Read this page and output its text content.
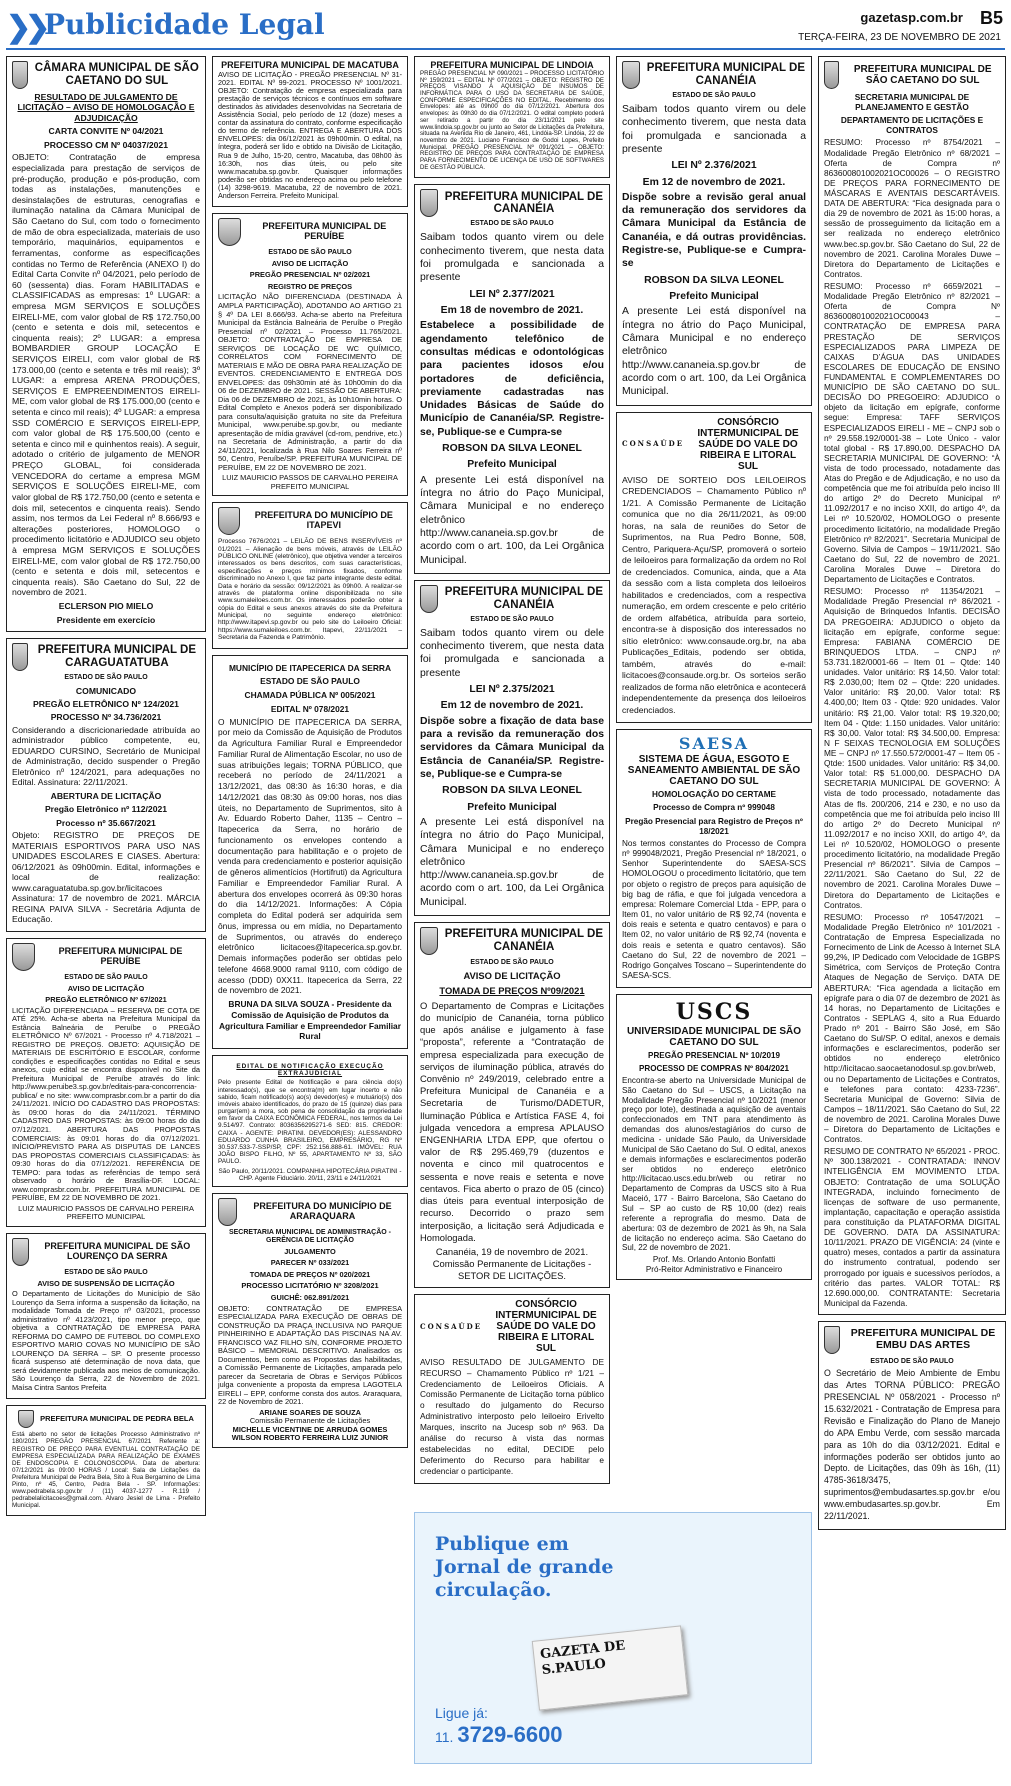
❯❯ Publicidade Legal	gazetasp.com.br B5
TERÇA-FEIRA, 23 DE NOVEMBRO DE 2021
CÂMARA MUNICIPAL DE SÃO CAETANO DO SUL
RESULTADO DE JULGAMENTO DE LICITAÇÃO – AVISO DE HOMOLOGAÇÃO E ADJUDICAÇÃO
CARTA CONVITE Nº 04/2021
PROCESSO CM Nº 04037/2021

OBJETO: Contratação de empresa especializada para prestação de serviços de pré-produção, produção e pós-produção, com todas as instalações, manutenções e desinstalações de estruturas, cenografias e iluminação natalina da Câmara Municipal de São Caetano do Sul, com todo o fornecimento de mão de obra especializada, materiais de uso temporário, maquinários, equipamentos e ferramentas, conforme as especificações contidas no Termo de Referência (ANEXO I) do Edital Carta Convite nº 04/2021, pelo período de 60 (sessenta) dias. Foram HABILITADAS e CLASSIFICADAS as empresas: 1º LUGAR: a empresa MGM SERVIÇOS E SOLUÇÕES EIRELI-ME, com valor global de R$ 172.750,00 (cento e setenta e dois mil, setecentos e cinquenta reais); 2º LUGAR: a empresa BOMBARDIER GROUP LOCAÇÃO E SERVIÇOS EIRELI, com valor global de R$ 173.000,00 (cento e setenta e três mil reais); 3º LUGAR: a empresa ARENA PRODUÇÕES, SERVIÇOS E EMPREENDIMENTOS EIRELI-ME, com valor global de R$ 175.000,00 (cento e setenta e cinco mil reais); 4º LUGAR: a empresa SSD COMÉRCIO E SERVIÇOS EIRELI-EPP, com valor global de R$ 175.500,00 (cento e setenta e cinco mil e quinhentos reais). A seguir, adotado o critério de julgamento de MENOR PREÇO GLOBAL, foi considerada VENCEDORA do certame a empresa MGM SERVIÇOS E SOLUÇÕES EIRELI-ME, com valor global de R$ 172.750,00 (cento e setenta e dois mil, setecentos e cinquenta reais). Sendo assim, nos termos da Lei Federal nº 8.666/93 e alterações posteriores, HOMOLOGO o procedimento licitatório e ADJUDICO seu objeto à empresa MGM SERVIÇOS E SOLUÇÕES EIRELI-ME, com valor global de R$ 172.750,00 (cento e setenta e dois mil, setecentos e cinquenta reais). São Caetano do Sul, 22 de novembro de 2021.

ECLERSON PIO MIELO
Presidente em exercício
PREFEITURA MUNICIPAL DE CARAGUATATUBA
ESTADO DE SÃO PAULO
COMUNICADO
PREGÃO ELETRÔNICO Nº 124/2021
PROCESSO Nº 34.736/2021

Considerando a discricionariedade atribuída ao administrador público competente, eu, EDUARDO CURSINO, Secretário de Municipal de Administração, decido suspender o Pregão Eletrônico nº 124/2021, para adequações no Edital. Assinatura: 22/11/2021.

ABERTURA DE LICITAÇÃO
Pregão Eletrônico nº 112/2021
Processo nº 35.667/2021

Objeto: REGISTRO DE PREÇOS DE MATERIAIS ESPORTIVOS PARA USO NAS UNIDADES ESCOLARES E CIASES. Abertura: 06/12/2021 às 09h00min. Edital, informações e local de realização: www.caraguatatuba.sp.gov.br/licitacoes Assinatura: 17 de novembro de 2021. MÁRCIA REGINA PAIVA SILVA - Secretária Adjunta de Educação.

PREFEITURA MUNICIPAL DE PERUÍBE
ESTADO DE SÃO PAULO
AVISO DE LICITAÇÃO
PREGÃO ELETRÔNICO Nº 67/2021

LICITAÇÃO DIFERENCIADA – RESERVA DE COTA DE ATÉ 25%. Acha-se aberta na Prefeitura Municipal da Estância Balneária de Peruíbe o PREGÃO ELETRÔNICO Nº 67/2021 - Processo nº 4.718/2021 – REGISTRO DE PREÇOS. OBJETO: AQUISIÇÃO DE MATERIAIS DE ESCRITÓRIO E ESCOLAR, conforme condições e especificações contidas no Edital e seus anexos, cujo edital se encontra disponível no Site da Prefeitura Municipal de Peruíbe através do link: http://www.peruibe3.sp.gov.br/editais-para-concorrencia-publica/ e no site: www.comprasbr.com.br a partir do dia 24/11/2021. INÍCIO DO CADASTRO DAS PROPOSTAS: às 09:00 horas do dia 24/11/2021. TÉRMINO CADASTRO DAS PROPOSTAS: às 09:00 horas do dia 07/12/2021. ABERTURA DAS PROPOSTAS COMERCIAIS: às 09:01 horas do dia 07/12/2021. INÍCIO/PREVISTO PARA AS DISPUTAS DE LANCES DAS PROPOSTAS COMERCIAIS CLASSIFICADAS: às 09:30 horas do dia 07/12/2021. REFERÊNCIA DE TEMPO: para todas as referências de tempo será observado o horário de Brasília-DF. LOCAL: www.comprasbr.com.br. PREFEITURA MUNICIPAL DE PERUÍBE, EM 22 DE NOVEMBRO DE 2021.

LUIZ MAURICIO PASSOS DE CARVALHO PEREIRA
PREFEITO MUNICIPAL
PREFEITURA MUNICIPAL DE SÃO LOURENÇO DA SERRA
ESTADO DE SÃO PAULO
AVISO DE SUSPENSÃO DE LICITAÇÃO

O Departamento de Licitações do Município de São Lourenço da Serra informa a suspensão da licitação, na modalidade Tomada de Preço nº 03/2021, processo administrativo nº 4123/2021, tipo menor preço, que objetiva a CONTRATAÇÃO DE EMPRESA PARA REFORMA DO CAMPO DE FUTEBOL DO COMPLEXO ESPORTIVO MARIO COVAS NO MUNICÍPIO DE SÃO LOURENÇO DA SERRA – SP. O presente processo ficará suspenso até determinação de nova data, que será devidamente publicada aos meios de comunicação. São Lourenço da Serra, 22 de Novembro de 2021. Maísa Cintra Santos Prefeita

PREFEITURA MUNICIPAL DE PEDRA BELA

Está aberto no setor de licitações Processo Administrativo nº 180/2021 PREGÃO PRESENCIAL 67/2021 Referente a: REGISTRO DE PREÇO PARA EVENTUAL CONTRATAÇÃO DE EMPRESA ESPECIALIZADA PARA REALIZAÇÃO DE EXAMES DE ENDOSCOPIA E COLONOSCOPIA. Data de abertura: 07/12/2021 às 09:00 HORAS / Local: Sala de Licitações da Prefeitura Municipal de Pedra Bela, Sito à Rua Bergamino de Lima Pinto, nº 45, Centro, Pedra Bela - SP. Informações: www.pedrabela.sp.gov.br / (11) 4037-1277 - R.119 / pedrabelalicitacoes@gmail.com. Alvaro Jesiel de Lima - Prefeito Municipal.

PREFEITURA MUNICIPAL DE MACATUBA

AVISO DE LICITAÇÃO - PREGÃO PRESENCIAL Nº 31-2021. EDITAL Nº 99-2021. PROCESSO Nº 1001/2021. OBJETO: Contratação de empresa especializada para prestação de serviços técnicos e contínuos em software destinados às atividades desenvolvidas na Secretaria de Assistência Social, pelo período de 12 (doze) meses a contar da assinatura do contrato, conforme especificação do termo de referência. ENTREGA E ABERTURA DOS ENVELOPES: dia 06/12/2021 às 09h00min. O edital, na íntegra, poderá ser lido e obtido na Divisão de Licitação, Rua 9 de Julho, 15-20, centro, Macatuba, das 08h00 às 16:30h, nos dias úteis, ou pelo site www.macatuba.sp.gov.br. Quaisquer informações poderão ser obtidas no endereço acima ou pelo telefone (14) 3298-9619. Macatuba, 22 de novembro de 2021. Anderson Ferreira. Prefeito Municipal.

PREFEITURA MUNICIPAL DE PERUÍBE
ESTADO DE SÃO PAULO
AVISO DE LICITAÇÃO
PREGÃO PRESENCIAL Nº 02/2021
REGISTRO DE PREÇOS

LICITAÇÃO NÃO DIFERENCIADA (DESTINADA À AMPLA PARTICIPAÇÃO), ADOTANDO AO ARTIGO 21 § 4º DA LEI 8.666/93. Acha-se aberto na Prefeitura Municipal da Estância Balneária de Peruíbe o Pregão Presencial nº 02/2021 – Processo 11.765/2021. OBJETO: CONTRATAÇÃO DE EMPRESA DE SERVIÇOS DE LOCAÇÃO DE WC QUÍMICO, CORRELATOS COM FORNECIMENTO DE MATERIAIS E MÃO DE OBRA PARA REALIZAÇÃO DE EVENTOS. CREDENCIAMENTO E ENTREGA DOS ENVELOPES: das 09h30min até às 10h00min do dia 06 de DEZEMBRO de 2021. SESSÃO DE ABERTURA: Dia 06 de DEZEMBRO de 2021, às 10h10min horas. O Edital Completo e Anexos poderá ser disponibilizado para consulta/aquisição gratuita no site da Prefeitura Municipal, www.peruibe.sp.gov.br, ou mediante apresentação de mídia gravável (cd-rom, pendrive, etc.) na Secretaria de Administração, a partir do dia 24/11/2021, localizada à Rua Nilo Soares Ferreira nº 50, Centro, Peruíbe/SP. PREFEITURA MUNICIPAL DE PERUÍBE, EM 22 DE NOVEMBRO DE 2021.

LUIZ MAURICIO PASSOS DE CARVALHO PEREIRA
PREFEITO MUNICIPAL
PREFEITURA DO MUNICÍPIO DE ITAPEVI

Processo 7676/2021 – LEILÃO DE BENS INSERVÍVEIS nº 01/2021 – Alienação de bens móveis, através de LEILÃO PÚBLICO ONLINE (eletrônico), que objetiva vender a terceiros interessados os bens descritos, com suas características, especificações e preços mínimos fixados, conforme discriminado no Anexo I, que faz parte integrante deste edital. Data e horário da sessão: 09/12/2021 às 09h00. A realizar-se através de plataforma online disponibilizada no site www.sumaleiloes.com.br. Os interessados poderão obter a cópia do Edital e seus anexos através do site da Prefeitura Municipal, no seguinte endereço eletrônico: http://www.itapevi.sp.gov.br ou pelo site do Leiloeiro Oficial: https://www.sumaleiloes.com.br. Itapevi, 22/11/2021 – Secretaria da Fazenda e Patrimônio.

MUNICÍPIO DE ITAPECERICA DA SERRA
ESTADO DE SÃO PAULO
CHAMADA PÚBLICA Nº 005/2021
EDITAL Nº 078/2021

O MUNICÍPIO DE ITAPECERICA DA SERRA, por meio da Comissão de Aquisição de Produtos da Agricultura Familiar Rural e Empreendedor Familiar Rural de Alimentação Escolar, no uso de suas atribuições legais; TORNA PÚBLICO, que receberá no período de 24/11/2021 a 13/12/2021, das 08:30 às 16:30 horas, e dia 14/12/2021 das 08:30 às 09:00 horas, nos dias úteis, no Departamento de Suprimentos, sito à Av. Eduardo Roberto Daher, 1135 – Centro – Itapecerica da Serra, no horário de funcionamento os envelopes contendo a documentação para habilitação e o projeto de venda para credenciamento e posterior aquisição de gêneros alimentícios (Hortifruti) da Agricultura Familiar e Empreendedor Familiar Rural. A abertura dos envelopes ocorrerá às 09:30 horas do dia 14/12/2021. Informações: A Cópia completa do Edital poderá ser adquirida sem ônus, impressa ou em mídia, no Departamento de Suprimentos, ou através do endereço eletrônico licitacoes@itapecerica.sp.gov.br. Demais informações poderão ser obtidas pelo telefone 4668.9000 ramal 9110, com código de acesso (DDD) 0XX11. Itapecerica da Serra, 22 de novembro de 2021.

BRUNA DA SILVA SOUZA - Presidente da Comissão de Aquisição de Produtos da Agricultura Familiar e Empreendedor Familiar Rural
EDITAL DE NOTIFICAÇÃO EXECUÇÃO EXTRAJUDICIAL

Pelo presente Edital de Notificação e para ciência do(s) interessado(s), que se encontra(m) em lugar incerto e não sabido, ficam notificado(s) ao(s) devedor(es) e mutuário(s) dos imóveis abaixo identificados, do prazo de 15 (quinze) dias para purgar(em) a mora, sob pena de consolidação da propriedade em favor da CAIXA ECONÔMICA FEDERAL, nos termos da Lei 9.514/97. Contrato: 8036356295271-6 SED: 815. CREDOR: CAIXA - AGENTE: PIRATINI. DEVEDOR(ES): ALESSANDRO EDUARDO CUNHA BRASILEIRO, EMPRESÁRIO, RG Nº 30.537.533-7-SSP/SP, CPF: 252.156.888-61. IMÓVEL: RUA JOÃO BISPO FILHO, Nº 55, APARTAMENTO Nº 33, SÃO PAULO.

São Paulo, 20/11/2021. COMPANHIA HIPOTECÁRIA PIRATINI - CHP. Agente Fiduciário. 20/11, 23/11 e 24/11/2021
PREFEITURA DO MUNICÍPIO DE ARARAQUARA
SECRETARIA MUNICIPAL DE ADMINISTRAÇÃO - GERÊNCIA DE LICITAÇÃO
JULGAMENTO
PARECER Nº 033/2021
TOMADA DE PREÇOS Nº 020/2021
PROCESSO LICITATÓRIO Nº 3208/2021
GUICHÊ: 062.891/2021

OBJETO: CONTRATAÇÃO DE EMPRESA ESPECIALIZADA PARA EXECUÇÃO DE OBRAS DE CONSTRUÇÃO DA PRAÇA INCLUSIVA NO PARQUE PINHEIRINHO E ADAPTAÇÃO DAS PISCINAS NA AV. FRANCISCO VAZ FILHO S/N, CONFORME PROJETO BÁSICO – MEMORIAL DESCRITIVO. Analisados os Documentos, bem como as Propostas das habilitadas, a Comissão Permanente de Licitações, amparada pelo parecer da Secretaria de Obras e Serviços Públicos julga conveniente a proposta da empresa LAGOTELA EIRELI – EPP, conforme consta dos autos. Araraquara, 22 de Novembro de 2021.

ARIANE SOARES DE SOUZA
Comissão Permanente de Licitações
MICHELLE VICENTINE DE ARRUDA GOMES
WILSON ROBERTO FERREIRA LUIZ JUNIOR
PREFEITURA MUNICIPAL DE LINDOIA

PREGÃO PRESENCIAL Nº 090/2021 – PROCESSO LICITATÓRIO Nº 159/2021 – EDITAL Nº 077/2021 – OBJETO: REGISTRO DE PREÇOS VISANDO À AQUISIÇÃO DE INSUMOS DE INFORMÁTICA PARA O USO DA SECRETARIA DE SAÚDE, CONFORME ESPECIFICAÇÕES NO EDITAL. Recebimento dos Envelopes: até as 09h00 do dia 07/12/2021. Abertura dos envelopes: às 09h30 do dia 07/12/2021. O edital completo poderá ser retirado a partir do dia 23/11/2021 pelo site www.lindoia.sp.gov.br ou junto ao Setor de Licitações da Prefeitura, situada na Avenida Rio de Janeiro, 461, Lindóia-SP. Lindóia, 22 de novembro de 2021. Luciano Francisco de Godoi Lopes, Prefeito Municipal. PREGÃO PRESENCIAL Nº 091/2021 – OBJETO: REGISTRO DE PREÇOS PARA CONTRATAÇÃO DE EMPRESA PARA FORNECIMENTO DE LICENÇA DE USO DE SOFTWARES DE GESTÃO PÚBLICA.

PREFEITURA MUNICIPAL DE CANANÉIA
ESTADO DE SÃO PAULO

Saibam todos quanto virem ou dele conhecimento tiverem, que nesta data foi promulgada e sancionada a presente

LEI Nº 2.377/2021
Em 18 de novembro de 2021.

Estabelece a possibilidade de agendamento telefônico de consultas médicas e odontológicas para pacientes idosos e/ou portadores de deficiência, previamente cadastradas nas Unidades Básicas de Saúde do Município de Cananéia/SP. Registre-se, Publique-se e Cumpra-se

ROBSON DA SILVA LEONEL
Prefeito Municipal

A presente Lei está disponível na íntegra no átrio do Paço Municipal, Câmara Municipal e no endereço eletrônico http://www.cananeia.sp.gov.br de acordo com o art. 100, da Lei Orgânica Municipal.

PREFEITURA MUNICIPAL DE CANANÉIA
ESTADO DE SÃO PAULO

Saibam todos quanto virem ou dele conhecimento tiverem, que nesta data foi promulgada e sancionada a presente

LEI Nº 2.375/2021
Em 12 de novembro de 2021.

Dispõe sobre a fixação de data base para a revisão da remuneração dos servidores da Câmara Municipal da Estância de Cananéia/SP. Registre-se, Publique-se e Cumpra-se

ROBSON DA SILVA LEONEL
Prefeito Municipal

A presente Lei está disponível na íntegra no átrio do Paço Municipal, Câmara Municipal e no endereço eletrônico http://www.cananeia.sp.gov.br de acordo com o art. 100, da Lei Orgânica Municipal.

PREFEITURA MUNICIPAL DE CANANÉIA
ESTADO DE SÃO PAULO
AVISO DE LICITAÇÃO
TOMADA DE PREÇOS Nº09/2021

O Departamento de Compras e Licitações do município de Cananéia, torna público que após análise e julgamento à fase “proposta”, referente a “Contratação de empresa especializada para execução de serviços de iluminação pública, através do Convênio nº 249/2019, celebrado entre a Prefeitura Municipal de Cananéia e a Secretaria de Turismo/DADETUR, Iluminação Pública e Artística FASE 4, foi julgada vencedora a empresa APLAUSO ENGENHARIA LTDA EPP, que ofertou o valor de R$ 295.469,79 (duzentos e noventa e cinco mil quatrocentos e sessenta e nove reais e setenta e nove centavos. Fica aberto o prazo de 05 (cinco) dias úteis para eventual interposição de recurso. Decorrido o prazo sem interposição, a licitação será Adjudicada e Homologada.

Cananéia, 19 de novembro de 2021.
Comissão Permanente de Licitações - SETOR DE LICITAÇÕES.
CONSAÚDE
CONSÓRCIO INTERMUNICIPAL DE SAÚDE DO VALE DO RIBEIRA E LITORAL SUL

AVISO RESULTADO DE JULGAMENTO DE RECURSO – Chamamento Público nº 1/21 – Credenciamento de Leiloeiros Oficiais. A Comissão Permanente de Licitação torna público o resultado do julgamento do Recurso Administrativo interposto pelo leiloeiro Erivelto Marques, inscrito na Jucesp sob nº 963. Da análise do recurso à vista das normas estabelecidas no edital, DECIDE pelo Deferimento do Recurso para habilitar e credenciar o participante.

PREFEITURA MUNICIPAL DE CANANÉIA
ESTADO DE SÃO PAULO

Saibam todos quanto virem ou dele conhecimento tiverem, que nesta data foi promulgada e sancionada a presente

LEI Nº 2.376/2021
Em 12 de novembro de 2021.

Dispõe sobre a revisão geral anual da remuneração dos servidores da Câmara Municipal da Estância de Cananéia, e dá outras providências. Registre-se, Publique-se e Cumpra-se

ROBSON DA SILVA LEONEL
Prefeito Municipal

A presente Lei está disponível na íntegra no átrio do Paço Municipal, Câmara Municipal e no endereço eletrônico http://www.cananeia.sp.gov.br de acordo com o art. 100, da Lei Orgânica Municipal.

CONSAÚDE
CONSÓRCIO INTERMUNICIPAL DE SAÚDE DO VALE DO RIBEIRA E LITORAL SUL

AVISO DE SORTEIO DOS LEILOEIROS CREDENCIADOS – Chamamento Público nº 1/21. A Comissão Permanente de Licitação comunica que no dia 26/11/2021, às 09:00 horas, na sala de reuniões do Setor de Suprimentos, na Rua Pedro Bonne, 508, Centro, Pariquera-Açu/SP, promoverá o sorteio de leiloeiros para formalização da ordem no Rol de credenciados. Comunica, ainda, que a Ata da sessão com a lista completa dos leiloeiros habilitados e credenciados, com a respectiva numeração, em ordem crescente e pelo critério de ordem alfabética, atribuída para sorteio, encontra-se à disposição dos interessados no sítio eletrônico: www.consaude.org.br, na aba Publicações_Editais, podendo ser obtida, também, através do e-mail: licitacoes@consaude.org.br. Os sorteios serão realizados de forma não eletrônica e acontecerá independentemente da presença dos leiloeiros credenciados.

SAESA
SISTEMA DE ÁGUA, ESGOTO E SANEAMENTO AMBIENTAL DE SÃO CAETANO DO SUL
HOMOLOGAÇÃO DO CERTAME
Processo de Compra nº 999048
Pregão Presencial para Registro de Preços nº 18/2021

Nos termos constantes do Processo de Compra nº 999048/2021, Pregão Presencial nº 18/2021, o Senhor Superintendente do SAESA-SCS HOMOLOGOU o procedimento licitatório, que tem por objeto o registro de preços para aquisição de big bag de ráfia, e que foi julgada vencedora a empresa: Rolemare Comercial Ltda - EPP, para o Item 01, no valor unitário de R$ 92,74 (noventa e dois reais e setenta e quatro centavos) e para o Item 02, no valor unitário de R$ 92,74 (noventa e dois reais e setenta e quatro centavos). São Caetano do Sul, 22 de novembro de 2021 – Rodrigo Gonçalves Toscano – Superintendente do SAESA-SCS.

USCS
UNIVERSIDADE MUNICIPAL DE SÃO CAETANO DO SUL
PREGÃO PRESENCIAL Nº 10/2019
PROCESSO DE COMPRAS Nº 804/2021

Encontra-se aberto na Universidade Municipal de São Caetano do Sul – USCS, a Licitação na Modalidade Pregão Presencial nº 10/2021 (menor preço por lote), destinada a aquisição de aventais confeccionados em TNT para atendimento às demandas dos alunos/estagiários do curso de medicina - unidade São Paulo, da Universidade Municipal de São Caetano do Sul. O edital, anexos e demais informações e esclarecimentos poderão ser obtidos no endereço eletrônico http://licitacao.uscs.edu.br/web ou retirar no Departamento de Compras da USCS sito à Rua Maceió, 177 - Bairro Barcelona, São Caetano do Sul – SP ao custo de R$ 10,00 (dez) reais referente a reprografia do mesmo. Data de abertura: 03 de dezembro de 2021 às 9h, na Sala de licitação no endereço acima. São Caetano do Sul, 22 de novembro de 2021.

Prof. Ms. Orlando Antonio Bonfatti
Pró-Reitor Administrativo e Financeiro
Publique em
Jornal de grande
circulação.
GAZETA DE S.PAULO
Ligue já:
11. 3729-6600
PREFEITURA MUNICIPAL DE SÃO CAETANO DO SUL
SECRETARIA MUNICIPAL DE PLANEJAMENTO E GESTÃO
DEPARTAMENTO DE LICITAÇÕES E CONTRATOS

RESUMO: Processo nº 8754/2021 – Modalidade Pregão Eletrônico nº 68/2021 – Oferta de Compra nº 863600801002021OC00026 – O REGISTRO DE PREÇOS PARA FORNECIMENTO DE MÁSCARAS E AVENTAIS DESCARTÁVEIS. DATA DE ABERTURA: “Fica designada para o dia 29 de novembro de 2021 às 15:00 horas, a sessão de prosseguimento da licitação em a ser realizada no endereço eletrônico www.bec.sp.gov.br. São Caetano do Sul, 22 de novembro de 2021. Carolina Morales Duwe – Diretora do Departamento de Licitações e Contratos.

RESUMO: Processo nº 6659/2021 – Modalidade Pregão Eletrônico nº 82/2021 – Oferta de Compra Nº 863600801002021OC00043 – CONTRATAÇÃO DE EMPRESA PARA PRESTAÇÃO DE SERVIÇOS ESPECIALIZADOS PARA LIMPEZA DE CAIXAS D’ÁGUA DAS UNIDADES ESCOLARES DE EDUCAÇÃO DE ENSINO FUNDAMENTAL E COMPLEMENTARES DO MUNICÍPIO DE SÃO CAETANO DO SUL. DECISÃO DO PREGOEIRO: ADJUDICO o objeto da licitação em epígrafe, conforme segue: Empresa: TAFF SERVIÇOS ESPECIALIZADOS EIRELI - ME – CNPJ sob o nº 29.558.192/0001-38 – Lote Único - valor total global - R$ 17.890,00. DESPACHO DA SECRETARIA MUNICIPAL DE GOVERNO: “À vista de todo processado, notadamente das Atas do Pregão e de Adjudicação, e no uso da competência que me foi atribuída pelo inciso III do artigo 2º do Decreto Municipal nº 11.092/2017 e no inciso XXII, do artigo 4º, da Lei nº 10.520/02, HOMOLOGO o presente procedimento licitatório, na modalidade Pregão Eletrônico nº 82/2021”. Secretaria Municipal de Governo. Silvia de Campos – 19/11/2021. São Caetano do Sul, 22 de novembro de 2021. Carolina Morales Duwe – Diretora do Departamento de Licitações e Contratos.

RESUMO: Processo nº 11354/2021 – Modalidade Pregão Presencial nº 86/2021 - Aquisição de Brinquedos Infantis. DECISÃO DA PREGOEIRA: ADJUDICO o objeto da licitação em epígrafe, conforme segue: Empresa: FABIANA COMÉRCIO DE BRINQUEDOS LTDA. – CNPJ nº 53.731.182/0001-66 – Item 01 – Qtde: 140 unidades. Valor unitário: R$ 14,50. Valor total: R$ 2.030,00; Item 02 – Qtde: 220 unidades. Valor unitário: R$ 20,00. Valor total: R$ 4.400,00; Item 03 - Qtde: 920 unidades. Valor unitário: R$ 21,00. Valor total: R$ 19.320,00; Item 04 - Qtde: 1.150 unidades. Valor unitário: R$ 30,00. Valor total: R$ 34.500,00. Empresa: N F SEIXAS TECNOLOGIA EM SOLUÇÕES ME – CNPJ nº 17.550.572/0001-47 – Item 05 - Qtde: 1500 unidades. Valor unitário: R$ 34,00. Valor total: R$ 51.000,00. DESPACHO DA SECRETARIA MUNICIPAL DE GOVERNO: À vista de todo processado, notadamente das Atas de fls. 200/206, 214 e 230, e no uso da competência que me foi atribuída pelo inciso III do artigo 2º do Decreto Municipal nº 11.092/2017 e no inciso XXII, do artigo 4º, da Lei nº 10.520/02, HOMOLOGO o presente procedimento licitatório, na modalidade Pregão Presencial nº 86/2021”. Silvia de Campos – 22/11/2021. São Caetano do Sul, 22 de novembro de 2021. Carolina Morales Duwe – Diretora do Departamento de Licitações e Contratos.

RESUMO: Processo nº 10547/2021 – Modalidade Pregão Eletrônico nº 101/2021 - Contratação de Empresa Especializada no Fornecimento de Link de Acesso à Internet SLA 99,2%, IP Dedicado com Velocidade de 1GBPS Simétrica, com Serviços de Proteção Contra Ataques de Negação de Serviço. DATA DE ABERTURA: “Fica agendada a licitação em epígrafe para o dia 07 de dezembro de 2021 às 14 horas, no Departamento de Licitações e Contratos - SEPLAG 4, sito a Rua Eduardo Prado nº 201 - Bairro São José, em São Caetano do Sul/SP. O edital, anexos e demais informações e esclarecimentos, poderão ser obtidos no endereço eletrônico http://licitacao.saocaetanodosul.sp.gov.br/web, ou no Departamento de Licitações e Contratos, e telefones para contato: 4233-7236”. Secretaria Municipal de Governo: Silvia de Campos – 18/11/2021. São Caetano do Sul, 22 de novembro de 2021. Carolina Morales Duwe – Diretora do Departamento de Licitações e Contratos.

RESUMO DE CONTRATO Nº 65/2021 - PROC. Nº 300.138/2021 - CONTRATADA: INNOV INTELIGÊNCIA EM MOVIMENTO LTDA. OBJETO: Contratação de uma SOLUÇÃO INTEGRADA, incluindo fornecimento de licenças de software de uso permanente, implantação, capacitação e operação assistida para constituição da PLATAFORMA DIGITAL DE GOVERNO. DATA DA ASSINATURA: 10/11/2021. PRAZO DE VIGÊNCIA: 24 (vinte e quatro) meses, contados a partir da assinatura do instrumento contratual, podendo ser prorrogado por iguais e sucessivos períodos, a critério das partes. VALOR TOTAL: R$ 12.690.000,00. CONTRATANTE: Secretaria Municipal da Fazenda.

PREFEITURA MUNICIPAL DE EMBU DAS ARTES
ESTADO DE SÃO PAULO

O Secretário de Meio Ambiente de Embu das Artes TORNA PÚBLICO: PREGÃO PRESENCIAL Nº 058/2021 - Processo nº 15.632/2021 - Contratação de Empresa para Revisão e Finalização do Plano de Manejo do APA Embu Verde, com sessão marcada para as 10h do dia 03/12/2021. Edital e informações poderão ser obtidos junto ao Depto. de Licitações, das 09h às 16h, (11) 4785-3618/3475, suprimentos@embudasartes.sp.gov.br e/ou www.embudasartes.sp.gov.br. Em 22/11/2021.
